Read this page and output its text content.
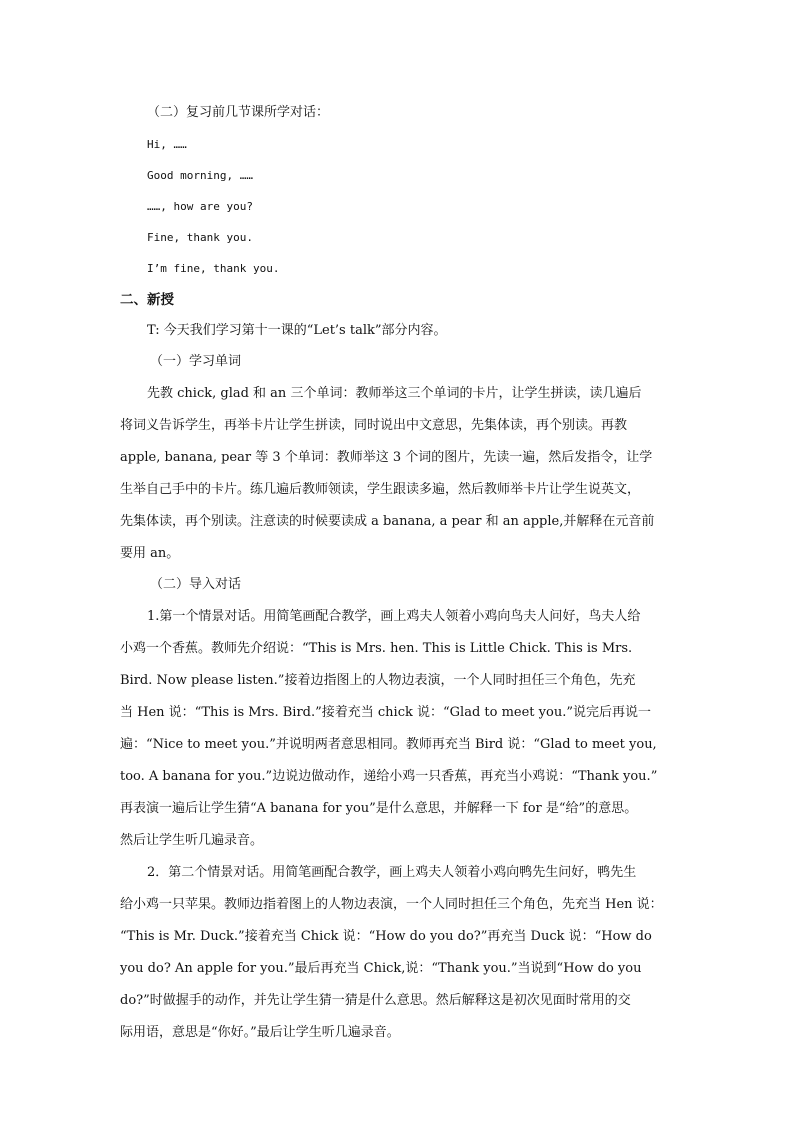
（二）复习前几节课所学对话：
Hi, ……
Good morning, ……
……, how are you?
Fine, thank you.
I’m fine, thank you.
二、新授
T: 今天我们学习第十一课的“Let’s talk”部分内容。
（一）学习单词
先教 chick, glad 和 an 三个单词：教师举这三个单词的卡片，让学生拼读，读几遍后
将词义告诉学生，再举卡片让学生拼读，同时说出中文意思，先集体读，再个别读。再教
apple, banana, pear 等 3 个单词：教师举这 3 个词的图片，先读一遍，然后发指令，让学
生举自己手中的卡片。练几遍后教师领读，学生跟读多遍，然后教师举卡片让学生说英文，
先集体读，再个别读。注意读的时候要读成 a banana, a pear 和 an apple,并解释在元音前
要用 an。
（二）导入对话
1.第一个情景对话。用简笔画配合教学，画上鸡夫人领着小鸡向鸟夫人问好，鸟夫人给
小鸡一个香蕉。教师先介绍说：“This is Mrs. hen. This is Little Chick. This is Mrs.
Bird. Now please listen.”接着边指图上的人物边表演，一个人同时担任三个角色，先充
当 Hen 说：“This is Mrs. Bird.”接着充当 chick 说：“Glad to meet you.”说完后再说一
遍：“Nice to meet you.”并说明两者意思相同。教师再充当 Bird 说：“Glad to meet you,
too. A banana for you.”边说边做动作，递给小鸡一只香蕉，再充当小鸡说：“Thank you.”
再表演一遍后让学生猜“A banana for you”是什么意思，并解释一下 for 是“给”的意思。
然后让学生听几遍录音。
2．第二个情景对话。用简笔画配合教学，画上鸡夫人领着小鸡向鸭先生问好，鸭先生
给小鸡一只苹果。教师边指着图上的人物边表演，一个人同时担任三个角色，先充当 Hen 说：
“This is Mr. Duck.”接着充当 Chick 说：“How do you do?”再充当 Duck 说：“How do
you do? An apple for you.”最后再充当 Chick,说：“Thank you.”当说到“How do you
do?”时做握手的动作，并先让学生猜一猜是什么意思。然后解释这是初次见面时常用的交
际用语，意思是“你好。”最后让学生听几遍录音。
